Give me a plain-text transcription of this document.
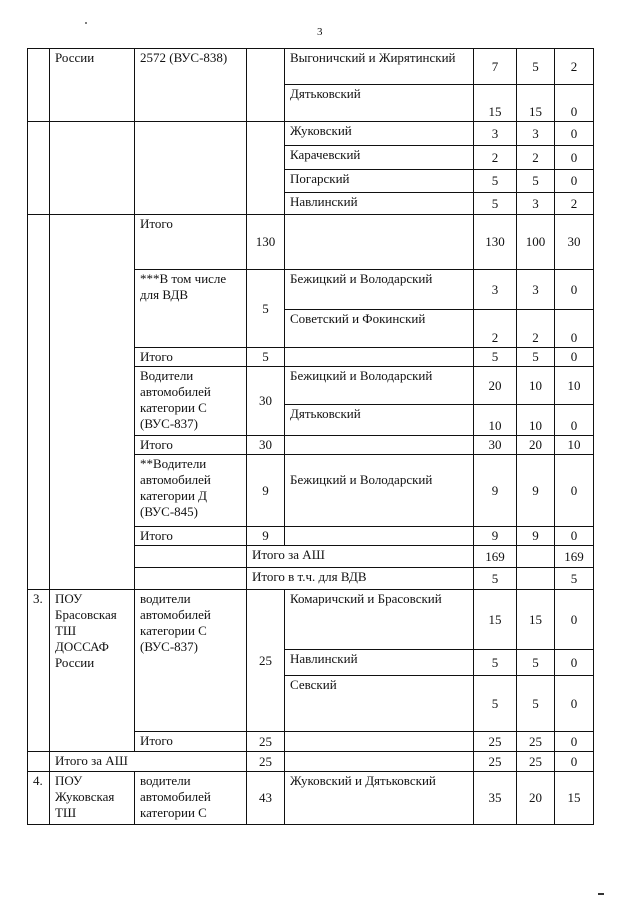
3
	России	2572 (ВУС-838)		Выгоничский и Жирятинский	7	5	2	
				Дятьковский	15	15	0	
				Жуковский	3	3	0	
				Карачевский	2	2	0	
				Погарский	5	5	0	
				Навлинский	5	3	2	
		Итого	130		130	100	30	
		***В том числе для ВДВ	5	Бежицкий и Володарский	3	3	0	
				Советский и Фокинский	2	2	0	
		Итого	5		5	5	0	
		Водители автомобилей категории С (ВУС-837)	30	Бежицкий и Володарский	20	10	10	
				Дятьковский	10	10	0	
		Итого	30		30	20	10	
		**Водители автомобилей категории Д (ВУС-845)	9	Бежицкий и Володарский	9	9	0	
		Итого	9		9	9	0	
			Итого за АШ		169		169		
			Итого в т.ч. для ВДВ		5		5		
3.	ПОУ Брасовская ТШ ДОССАФ России	водители автомобилей категории С (ВУС-837)	25	Комаричский и Брасовский	15	15	0	
				Навлинский	5	5	0	
				Севский	5	5	0	
		Итого	25		25	25	0	
	Итого за АШ		25		25	25	0	
4.	ПОУ Жуковская ТШ	водители автомобилей категории С	43	Жуковский и Дятьковский	35	20	15	
